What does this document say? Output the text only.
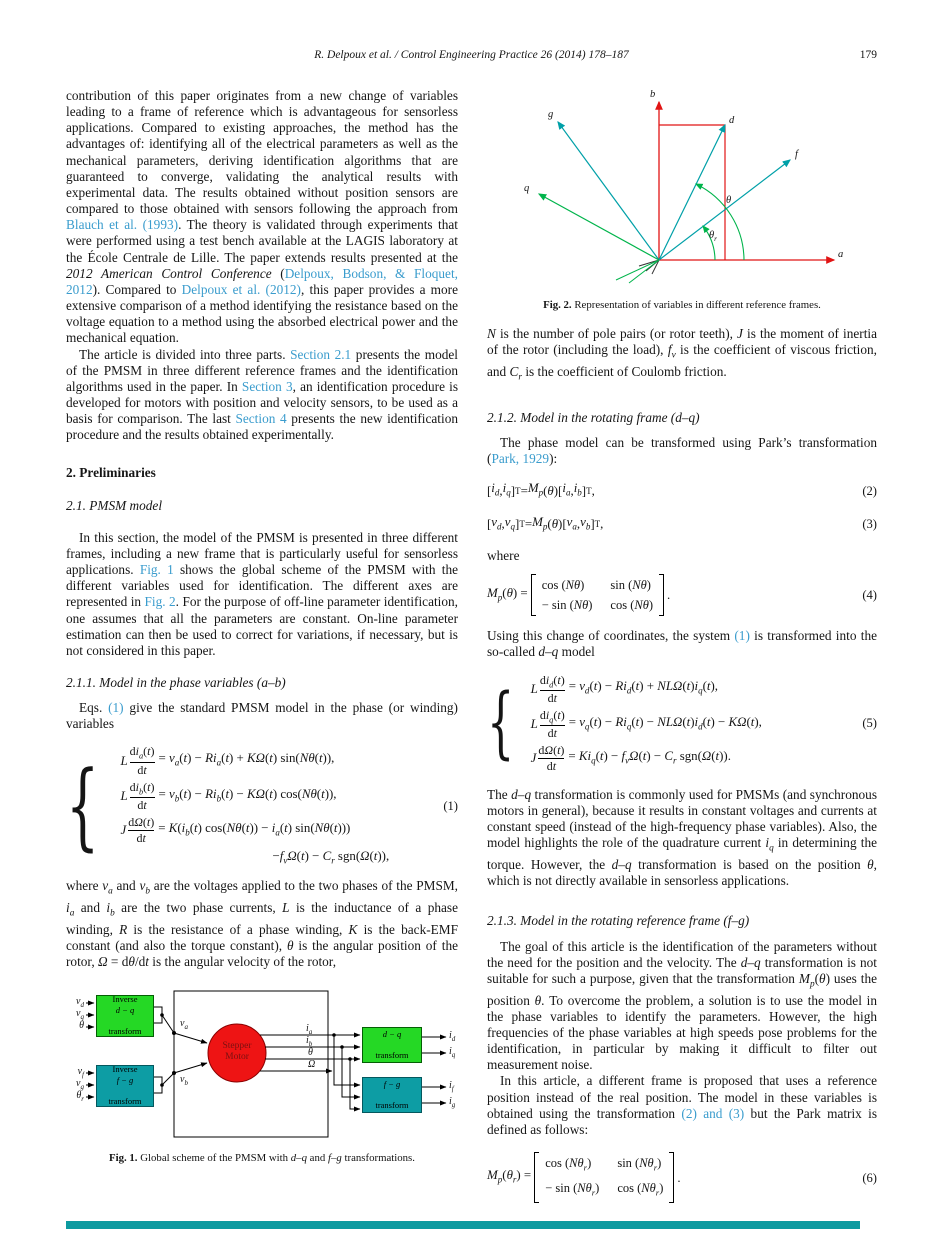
R. Delpoux et al. / Control Engineering Practice 26 (2014) 178–187	179

contribution of this paper originates from a new change of variables leading to a frame of reference which is advantageous for sensorless applications. Compared to existing approaches, the method has the advantages of: identifying all of the electrical parameters as well as the mechanical parameters, deriving identification algorithms that are guaranteed to converge, validating the analytical results with experimental data. The results obtained without position sensors are compared to those obtained with sensors following the approach from Blauch et al. (1993). The theory is validated through experiments that were performed using a test bench available at the LAGIS laboratory at the École Centrale de Lille. The paper extends results presented at the 2012 American Control Conference (Delpoux, Bodson, & Floquet, 2012). Compared to Delpoux et al. (2012), this paper provides a more extensive comparison of a method identifying the resistance based on the voltage equation to a method using the absorbed electrical power and the mechanical equation.

The article is divided into three parts. Section 2.1 presents the model of the PMSM in three different reference frames and the identification algorithms used in the paper. In Section 3, an identification procedure is developed for motors with position and velocity sensors, to be used as a basis for comparison. The last Section 4 presents the new identification procedure and the results obtained experimentally.

2. Preliminaries
2.1. PMSM model

In this section, the model of the PMSM is presented in three different frames, including a new frame that is particularly useful for sensorless applications. Fig. 1 shows the global scheme of the PMSM with the different variables used for identification. The different axes are represented in Fig. 2. For the purpose of off-line parameter identification, one assumes that all the parameters are constant. On-line parameter estimation can then be used to correct for variations, if necessary, but is not considered in this paper.

2.1.1. Model in the phase variables (a–b)

Eqs. (1) give the standard PMSM model in the phase (or winding) variables

{ L $\frac{di_a(t)}{dt} = v_a(t) - Ri_a(t) + K\Omega(t)$ sin(Nθ(t)),
L $\frac{di_b(t)}{dt} = v_b(t) - Ri_b(t) - K\Omega(t)$ cos(Nθ(t)),
J $\frac{d\Omega(t)}{dt} = K(i_b(t) \cos(N\theta(t)) - i_a(t)$ sin(Nθ(t)))
$-f_v\Omega(t) - C_r$ sgn(Ω(t)),
(1)

where $v_a$ and $v_b$ are the voltages applied to the two phases of the PMSM, $i_a$ and $i_b$ are the two phase currents, L is the inductance of a phase winding, R is the resistance of a phase winding, K is the back-EMF constant (and also the torque constant), θ is the angular position of the rotor, Ω = dθ/dt is the angular velocity of the rotor,

Inverse

d − q

transform
Inverse

f − g

transform
d − q

transform
f − g

transform
Stepper
Motor
$v_d$
$v_q$
θ
$v_f$
$v_g$
$\theta_r$
$v_a$
$v_b$
$i_a$
$i_b$
θ
Ω
$i_d$
$i_q$
$i_f$
$i_g$
Fig. 1. Global scheme of the PMSM with d–q and f–g transformations.
a
b
d
f
g
q
θ
$\theta_r$
Fig. 2. Representation of variables in different reference frames.

N is the number of pole pairs (or rotor teeth), J is the moment of inertia of the rotor (including the load), $f_v$ is the coefficient of viscous friction, and $C_r$ is the coefficient of Coulomb friction.

2.1.2. Model in the rotating frame (d–q)

The phase model can be transformed using Park’s transformation (Park, 1929):

[ $i_d$ , $i_q$ ] $T = M_p$ ( θ )[ $i_a$ , $i_b$ ] T ,	(2)
[ $v_d$ , $v_q$ ] $T = M_p$ ( θ )[ $v_a$ , $v_b$ ] T ,	(3)

where

$M_p(\theta)$ =
cos (Nθ)	sin (Nθ)
− sin (Nθ) cos (Nθ)
.	(4)

Using this change of coordinates, the system (1) is transformed into the so-called d–q model

{ L $\frac{di_d(t)}{dt} = v_d(t) - Ri_d(t) + NL\Omega(t)i_q(t)$,
L $\frac{di_q(t)}{dt} = v_q(t) - Ri_q(t) - NL\Omega(t)i_d(t) - K\Omega(t)$,
J $\frac{d\Omega(t)}{dt} = Ki_q(t) - f_v\Omega(t) - C_r$ sgn(Ω(t)).
(5)

The d–q transformation is commonly used for PMSMs (and synchronous motors in general), because it results in constant voltages and currents at constant speed (instead of the high-frequency phase variables). Also, the model highlights the role of the quadrature current $i_q$ in determining the torque. However, the d–q transformation is based on the position θ, which is not directly available in sensorless applications.

2.1.3. Model in the rotating reference frame (f–g)

The goal of this article is the identification of the parameters without the need for the position and the velocity. The d–q transformation is not suitable for such a purpose, given that the transformation $M_p(\theta)$ uses the position θ. To overcome the problem, a solution is to use the model in the phase variables to identify the parameters. However, the high frequencies of the phase variables at high speeds pose problems for the identification, in particular by making it difficult to filter out measurement noise.

In this article, a different frame is proposed that uses a reference position instead of the real position. The model in these variables is obtained using the transformation (2) and (3) but the Park matrix is defined as follows:

$M_p(\theta_r)$ =
$\cos (N\theta_r)$	$\sin (N\theta_r)$
− $\sin (N\theta_r)$ $\cos (N\theta_r)$
.	(6)
